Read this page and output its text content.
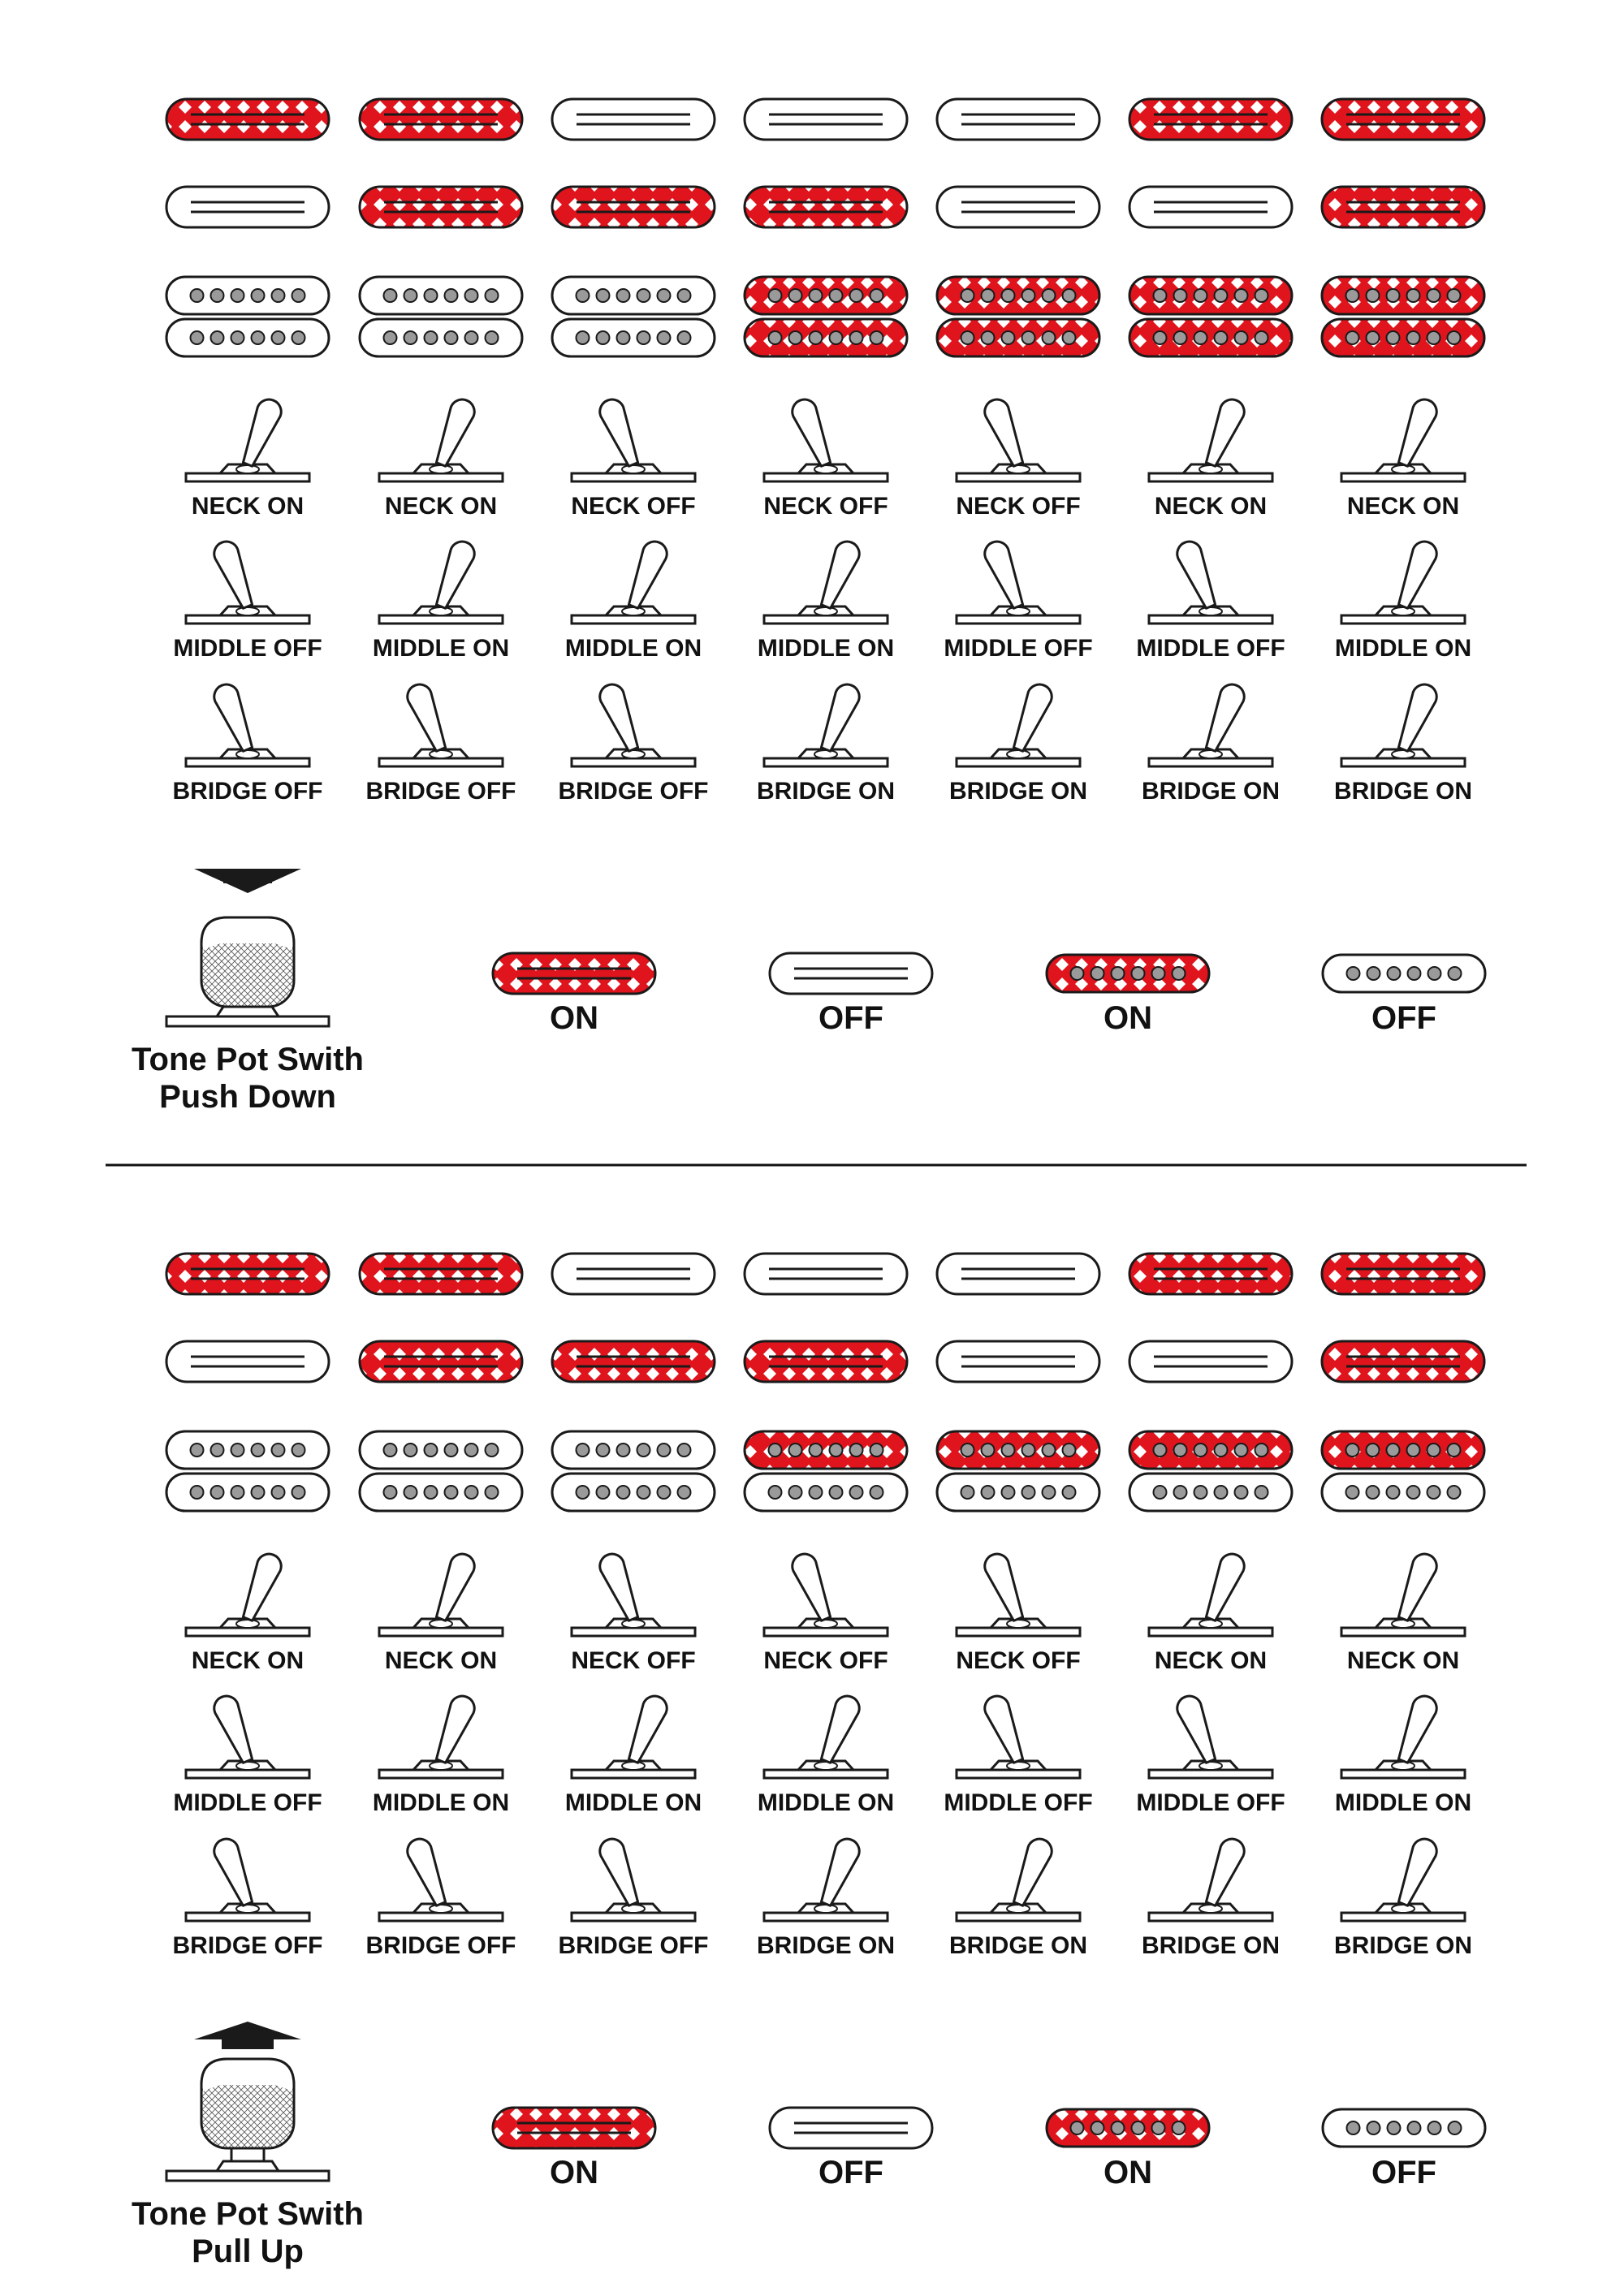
NECK ON
MIDDLE OFF
BRIDGE OFF
NECK ON
MIDDLE ON
BRIDGE OFF
NECK OFF
MIDDLE ON
BRIDGE OFF
NECK OFF
MIDDLE ON
BRIDGE ON
NECK OFF
MIDDLE OFF
BRIDGE ON
NECK ON
MIDDLE OFF
BRIDGE ON
NECK ON
MIDDLE ON
BRIDGE ON
Tone Pot Swith
Push Down
ON	OFF	ON	OFF
NECK ON
MIDDLE OFF
BRIDGE OFF
NECK ON
MIDDLE ON
BRIDGE OFF
NECK OFF
MIDDLE ON
BRIDGE OFF
NECK OFF
MIDDLE ON
BRIDGE ON
NECK OFF
MIDDLE OFF
BRIDGE ON
NECK ON
MIDDLE OFF
BRIDGE ON
NECK ON
MIDDLE ON
BRIDGE ON
Tone Pot Swith
Pull Up
ON	OFF	ON	OFF
